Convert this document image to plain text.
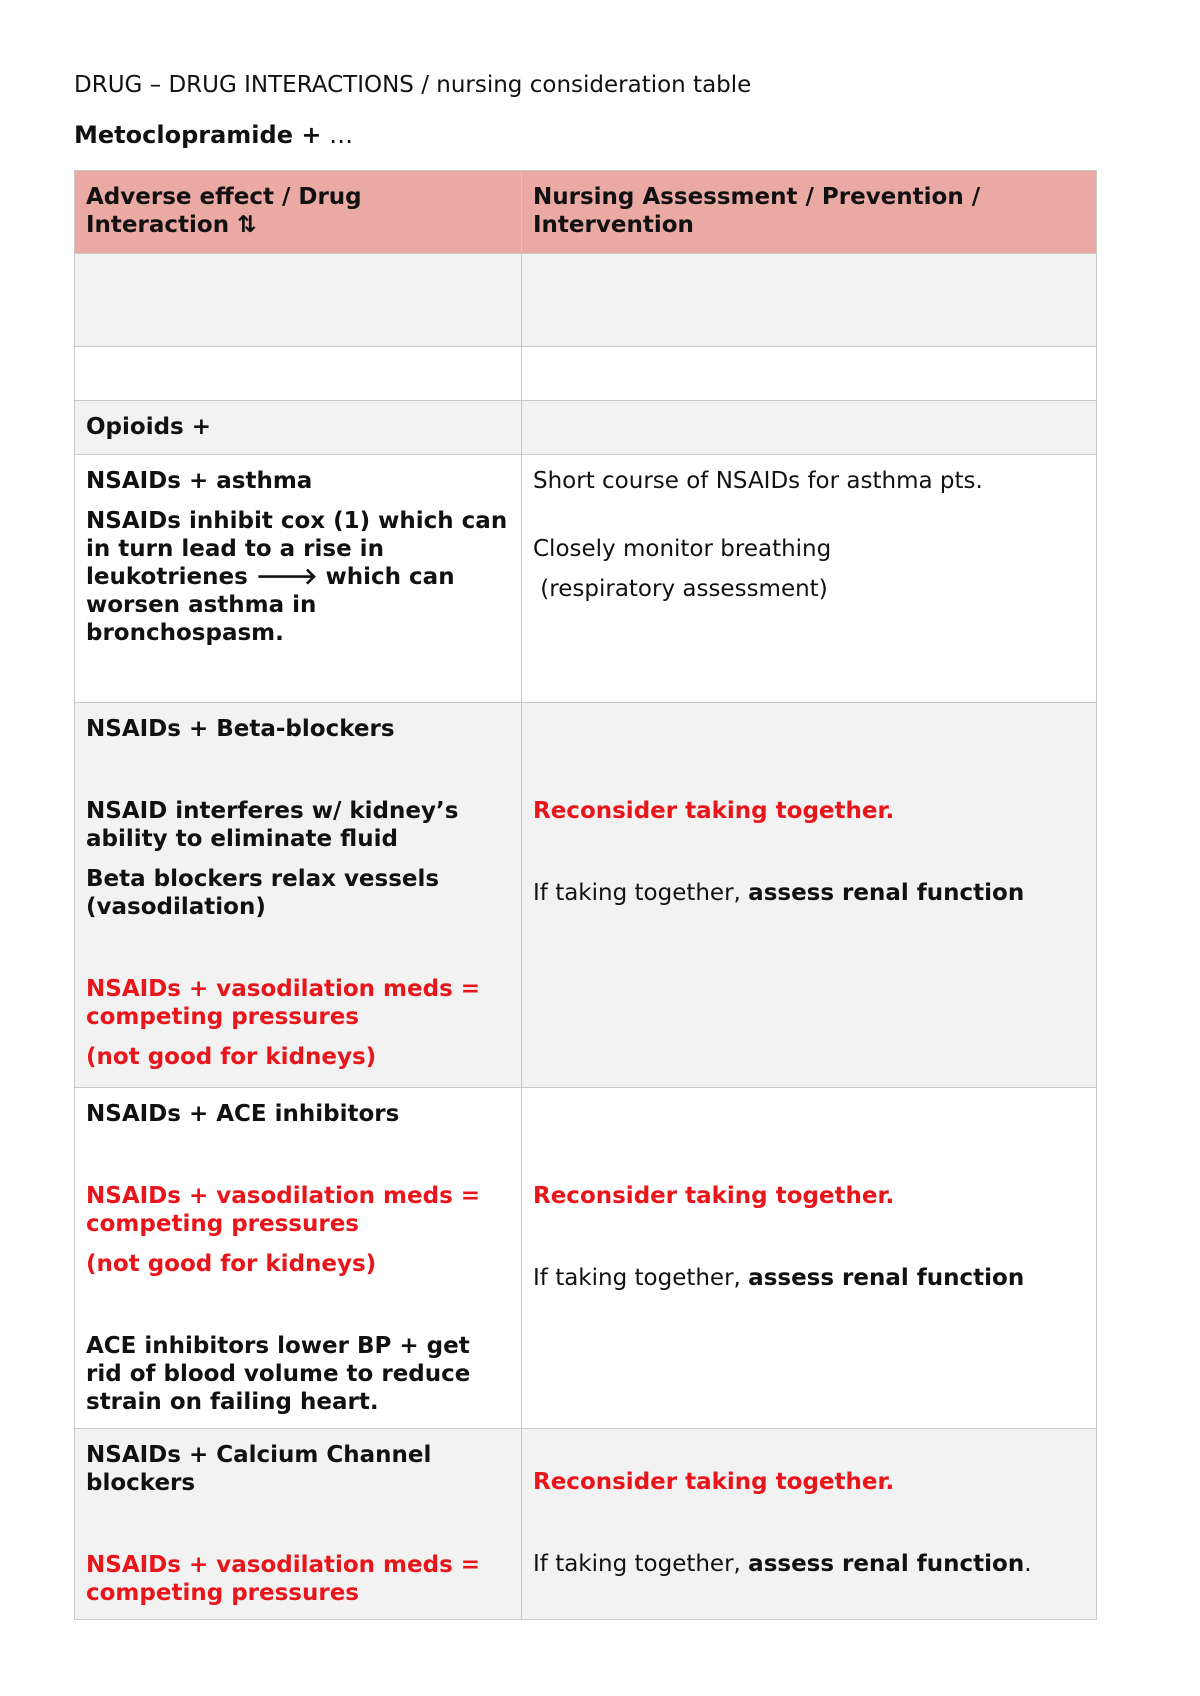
DRUG – DRUG INTERACTIONS / nursing consideration table
Metoclopramide + …
Adverse effect / Drug Interaction ⇅
Nursing Assessment / Prevention / Intervention
Opioids +

NSAIDs + asthma

NSAIDs inhibit cox (1) which can in turn lead to a rise in leukotrienes 🡒 which can worsen asthma in bronchospasm.

Short course of NSAIDs for asthma pts.

Closely monitor breathing

(respiratory assessment)

NSAIDs + Beta-blockers

NSAID interferes w/ kidney’s ability to eliminate fluid

Beta blockers relax vessels (vasodilation)

NSAIDs + vasodilation meds = competing pressures

(not good for kidneys)

Reconsider taking together.

If taking together, assess renal function

NSAIDs + ACE inhibitors

NSAIDs + vasodilation meds = competing pressures

(not good for kidneys)

ACE inhibitors lower BP + get rid of blood volume to reduce strain on failing heart.

Reconsider taking together.

If taking together, assess renal function

NSAIDs + Calcium Channel blockers

NSAIDs + vasodilation meds = competing pressures

Reconsider taking together.

If taking together, assess renal function.
